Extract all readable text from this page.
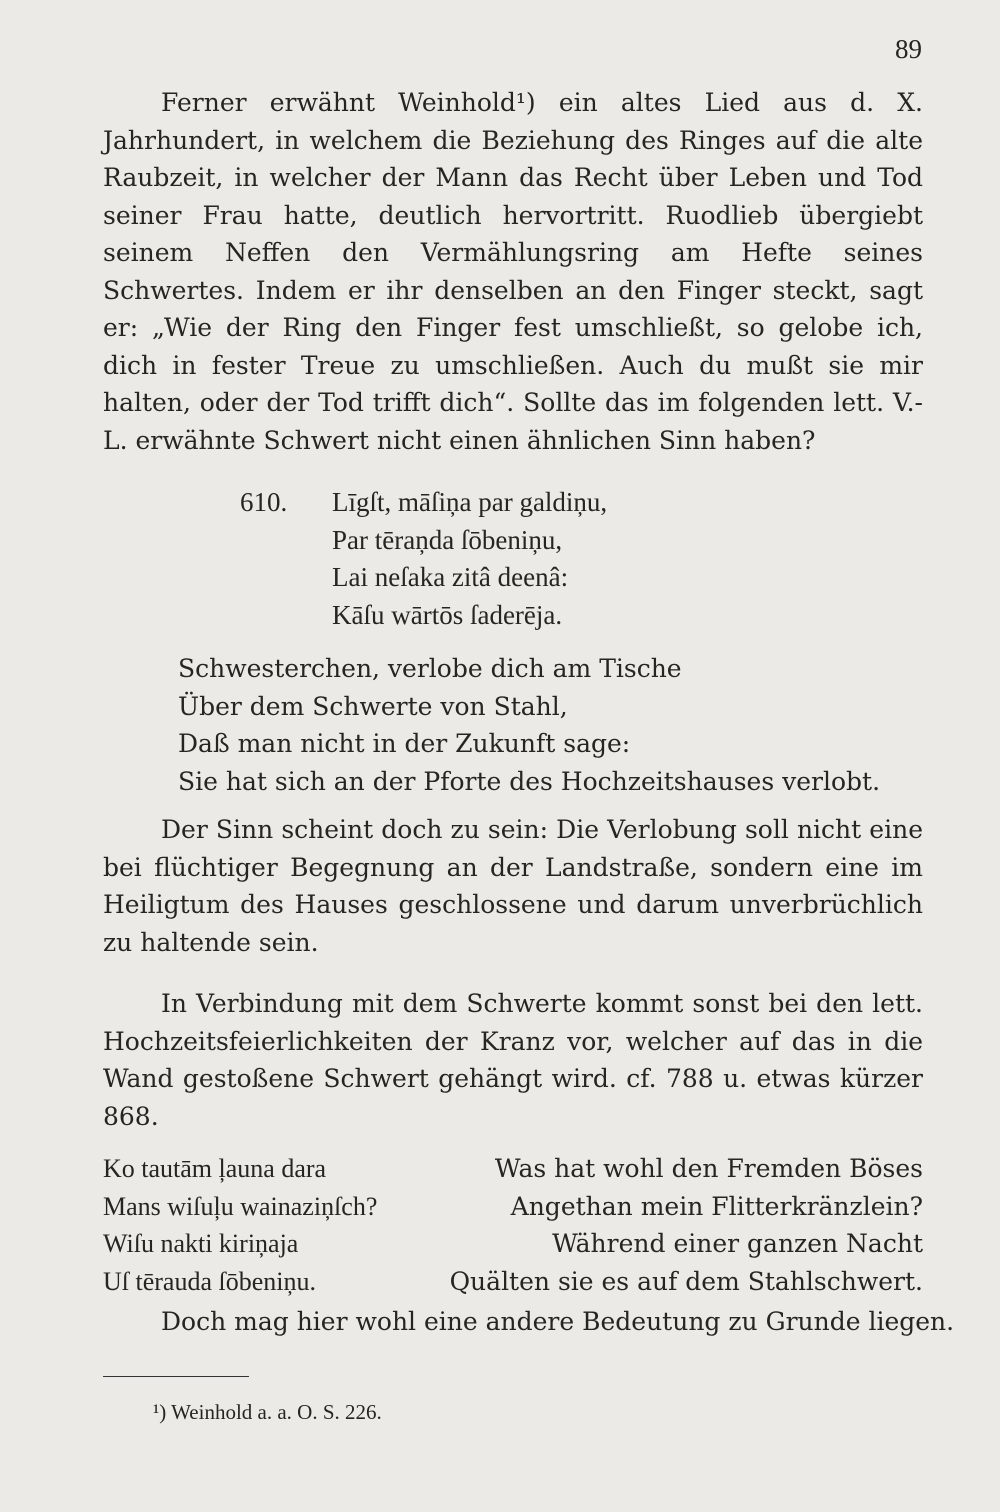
89

Ferner erwähnt Weinhold¹) ein altes Lied aus d. X. Jahrhundert, in welchem die Beziehung des Ringes auf die alte Raubzeit, in welcher der Mann das Recht über Leben und Tod seiner Frau hatte, deutlich hervortritt. Ruodlieb übergiebt seinem Neffen den Vermählungsring am Hefte seines Schwertes. Indem er ihr denselben an den Finger steckt, sagt er: „Wie der Ring den Finger fest umschließt, so gelobe ich, dich in fester Treue zu umschließen. Auch du mußt sie mir halten, oder der Tod trifft dich“. Sollte das im folgenden lett. V.-L. erwähnte Schwert nicht einen ähnlichen Sinn haben?

610. Līgſt, māſiņa par galdiņu,
Par tēraņda ſōbeniņu,
Lai neſaka zitâ deenâ:
Kāſu wārtōs ſaderēja.
Schwesterchen, verlobe dich am Tische
Über dem Schwerte von Stahl,
Daß man nicht in der Zukunft sage:
Sie hat sich an der Pforte des Hochzeitshauses verlobt.

Der Sinn scheint doch zu sein: Die Verlobung soll nicht eine bei flüchtiger Begegnung an der Landstraße, sondern eine im Heiligtum des Hauses geschlossene und darum unverbrüchlich zu haltende sein.

In Verbindung mit dem Schwerte kommt sonst bei den lett. Hochzeitsfeierlichkeiten der Kranz vor, welcher auf das in die Wand gestoßene Schwert gehängt wird. cf. 788 u. etwas kürzer 868.

Ko tautām ļauna dara	Was hat wohl den Fremden Böses
Mans wiſuļu wainaziņſch?	Angethan mein Flitterkränzlein?
Wiſu nakti kiriņaja	Während einer ganzen Nacht
Uſ tērauda ſōbeniņu.	Quälten sie es auf dem Stahlschwert.
Doch mag hier wohl eine andere Bedeutung zu Grunde liegen.
¹) Weinhold a. a. O. S. 226.
